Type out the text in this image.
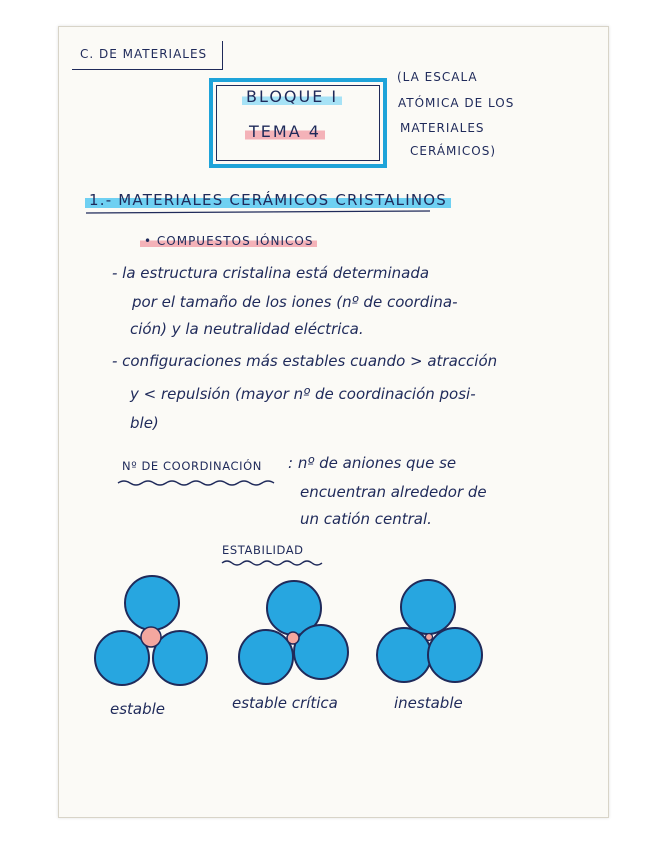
C. DE MATERIALES
BLOQUE I
TEMA 4
(LA ESCALA
ATÓMICA DE LOS
MATERIALES
CERÁMICOS)
1.- MATERIALES CERÁMICOS CRISTALINOS
• COMPUESTOS IÓNICOS
- la estructura cristalina está determinada
por el tamaño de los iones (nº de coordina-
ción) y la neutralidad eléctrica.
- configuraciones más estables cuando > atracción
y < repulsión (mayor nº de coordinación posi-
ble)
Nº DE COORDINACIÓN : nº de aniones que se
encuentran alrededor de
un catión central.
ESTABILIDAD
estable	estable crítica	inestable
